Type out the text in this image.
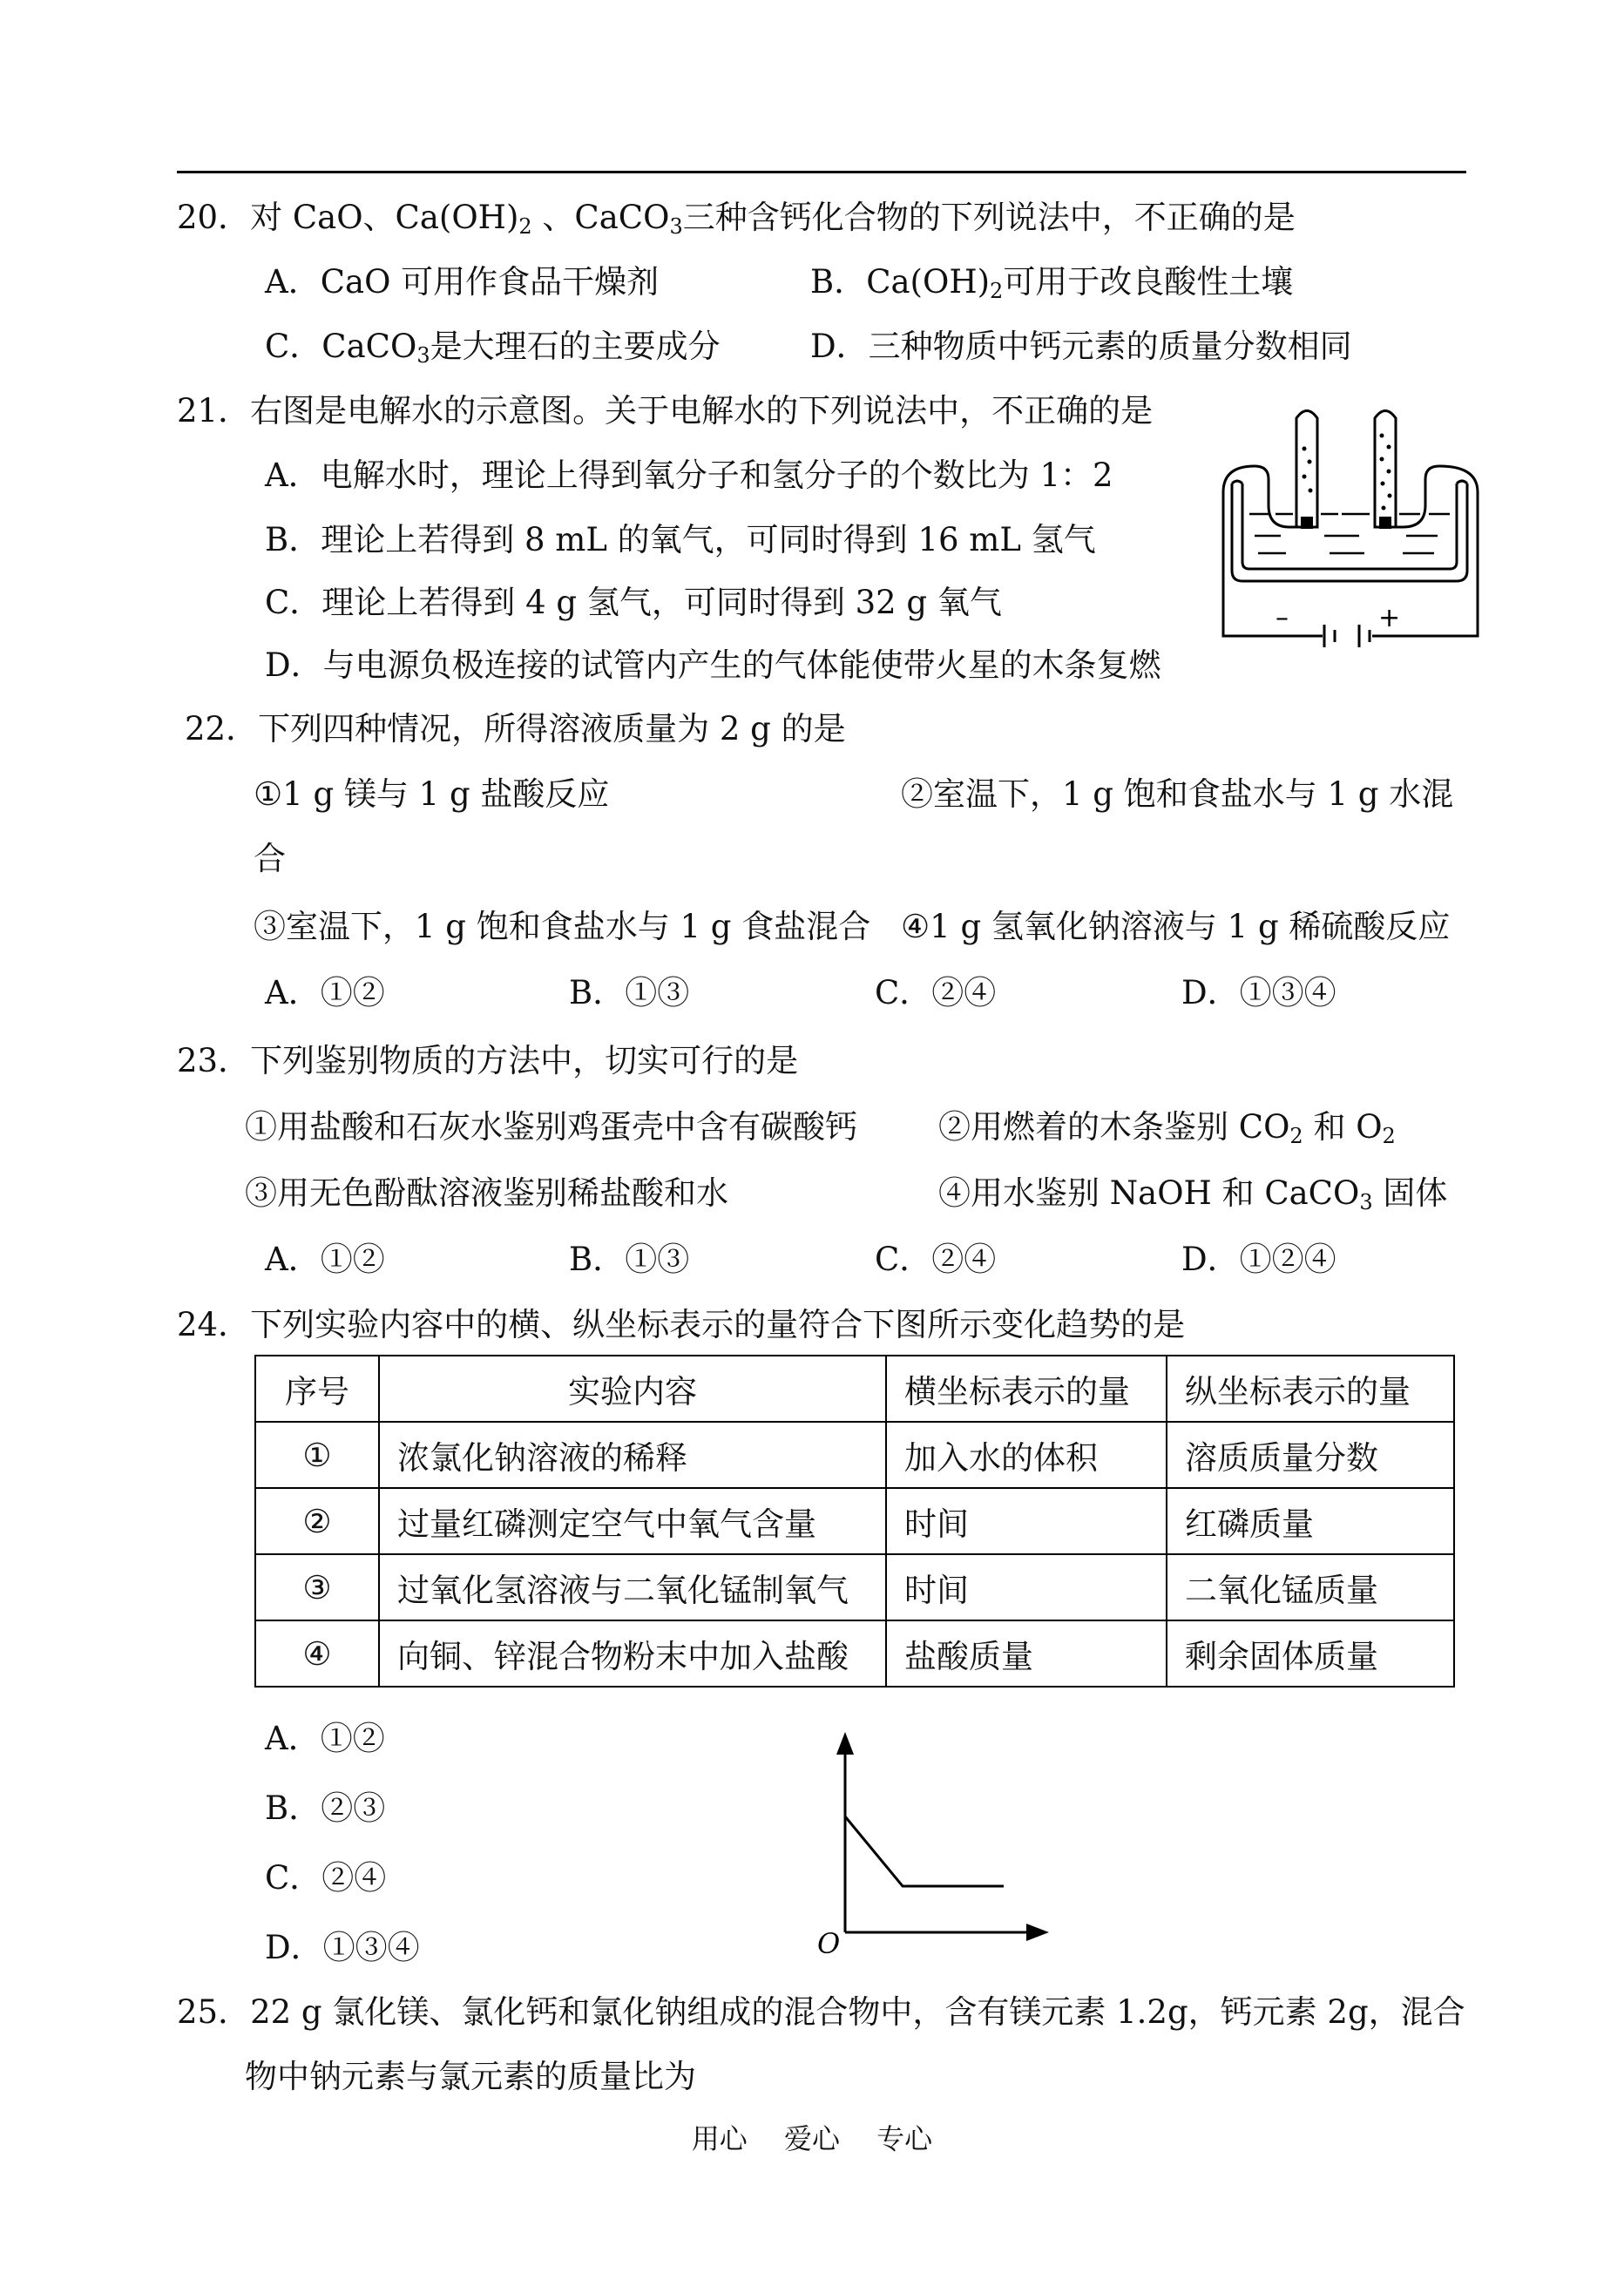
20．对 CaO、$Ca(OH)_2$ 、CaCO$_3$三种含钙化合物的下列说法中，不正确的是
A．CaO 可用作食品干燥剂	B．$Ca(OH)_2$可用于改良酸性土壤
C．CaCO$_3$是大理石的主要成分	D．三种物质中钙元素的质量分数相同
21．右图是电解水的示意图。关于电解水的下列说法中，不正确的是
A．电解水时，理论上得到氧分子和氢分子的个数比为 1：2
B．理论上若得到 8 mL 的氧气，可同时得到 16 mL 氢气
C．理论上若得到 4 g 氢气，可同时得到 32 g 氧气
D．与电源负极连接的试管内产生的气体能使带火星的木条复燃
–	+
22．下列四种情况，所得溶液质量为 2 g 的是
①1 g 镁与 1 g 盐酸反应	②室温下，1 g 饱和食盐水与 1 g 水混
合
③室温下，1 g 饱和食盐水与 1 g 食盐混合 ④1 g 氢氧化钠溶液与 1 g 稀硫酸反应
A．①②	B．①③	C．②④	D．①③④
23．下列鉴别物质的方法中，切实可行的是
①用盐酸和石灰水鉴别鸡蛋壳中含有碳酸钙	②用燃着的木条鉴别 $CO_2$ 和 $O_2$
③用无色酚酞溶液鉴别稀盐酸和水	④用水鉴别 NaOH 和 CaCO$_3$ 固体
A．①②	B．①③	C．②④	D．①②④
24．下列实验内容中的横、纵坐标表示的量符合下图所示变化趋势的是
序号	实验内容	横坐标表示的量	纵坐标表示的量
①	浓氯化钠溶液的稀释	加入水的体积	溶质质量分数
②	过量红磷测定空气中氧气含量	时间	红磷质量
③	过氧化氢溶液与二氧化锰制氧气	时间	二氧化锰质量
④	向铜、锌混合物粉末中加入盐酸	盐酸质量	剩余固体质量
A．①②
B．②③
C．②④
D．①③④	O
25．22 g 氯化镁、氯化钙和氯化钠组成的混合物中，含有镁元素 1.2g，钙元素 2g，混合
物中钠元素与氯元素的质量比为
用心 爱心 专心
